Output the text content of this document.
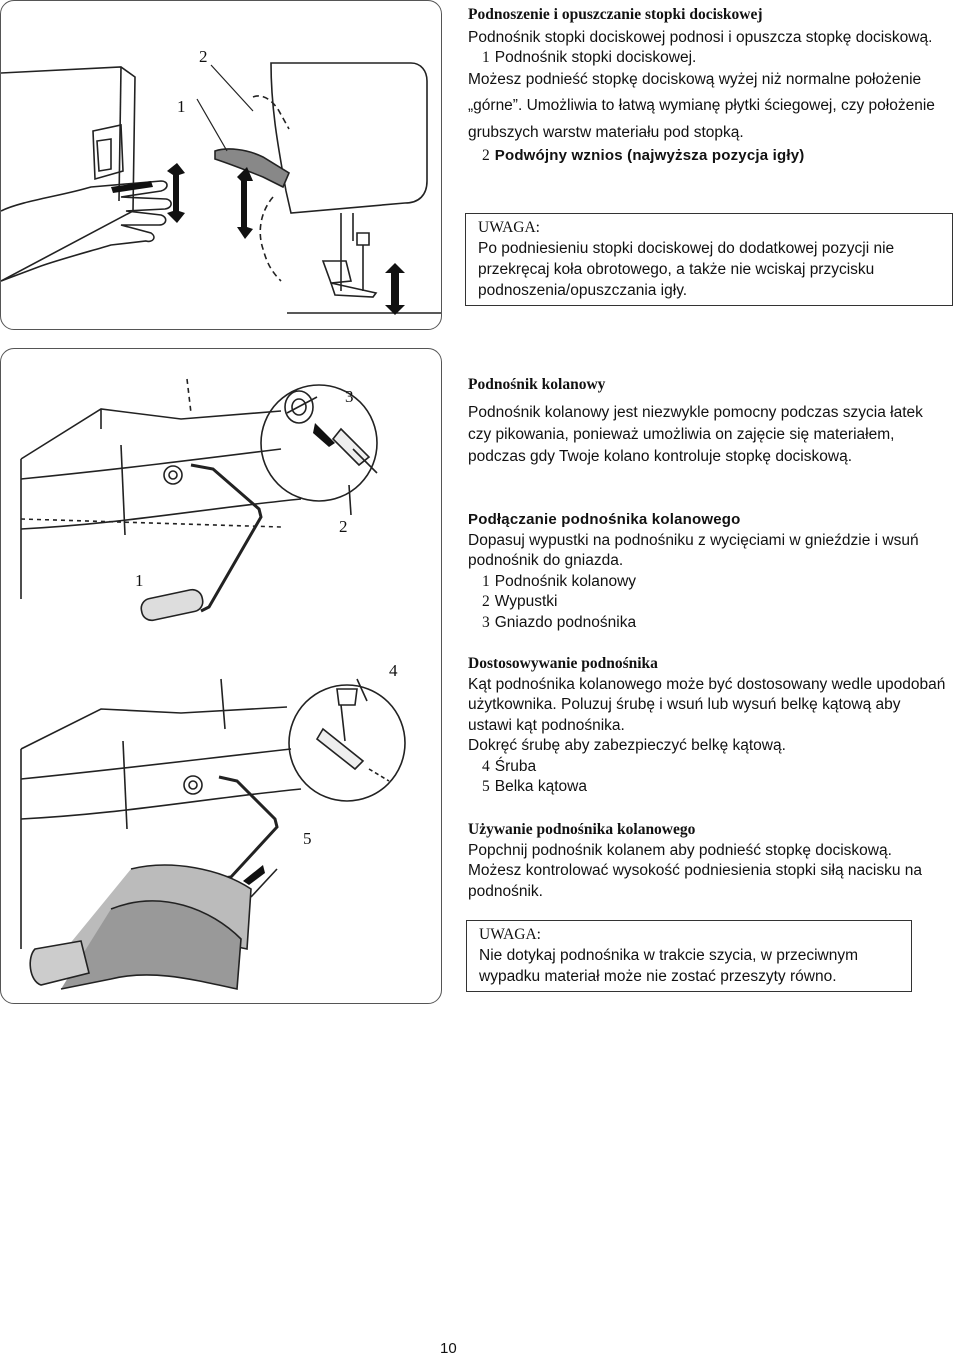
1
2

Podnoszenie i opuszczanie stopki dociskowej

Podnośnik stopki dociskowej podnosi i opuszcza stopkę dociskową.

1 Podnośnik stopki dociskowej.

Możesz podnieść stopkę dociskową wyżej niż normalne położenie „górne”. Umożliwia to łatwą wymianę płytki ściegowej, czy położenie grubszych warstw materiału pod stopką.

2 Podwójny wznios (najwyższa pozycja igły)

UWAGA:

Po podniesieniu stopki dociskowej do dodatkowej pozycji nie przekręcaj koła obrotowego, a także nie wciskaj przycisku podnoszenia/opuszczania igły.

3
2
1
4
5

Podnośnik kolanowy

Podnośnik kolanowy jest niezwykle pomocny podczas szycia łatek czy pikowania, ponieważ umożliwia on zajęcie się materiałem, podczas gdy Twoje kolano kontroluje stopkę dociskową.

Podłączanie podnośnika kolanowego

Dopasuj wypustki na podnośniku z wycięciami w gnieździe i wsuń podnośnik do gniazda.

1 Podnośnik kolanowy

2 Wypustki

3 Gniazdo podnośnika

Dostosowywanie podnośnika

Kąt podnośnika kolanowego może być dostosowany wedle upodobań użytkownika. Poluzuj śrubę i wsuń lub wysuń belkę kątową aby ustawi kąt podnośnika.

Dokręć śrubę aby zabezpieczyć belkę kątową.

4 Śruba

5 Belka kątowa

Używanie podnośnika kolanowego

Popchnij podnośnik kolanem aby podnieść stopkę dociskową. Możesz kontrolować wysokość podniesienia stopki siłą nacisku na podnośnik.

UWAGA:

Nie dotykaj podnośnika w trakcie szycia, w przeciwnym wypadku materiał może nie zostać przeszyty równo.

10
